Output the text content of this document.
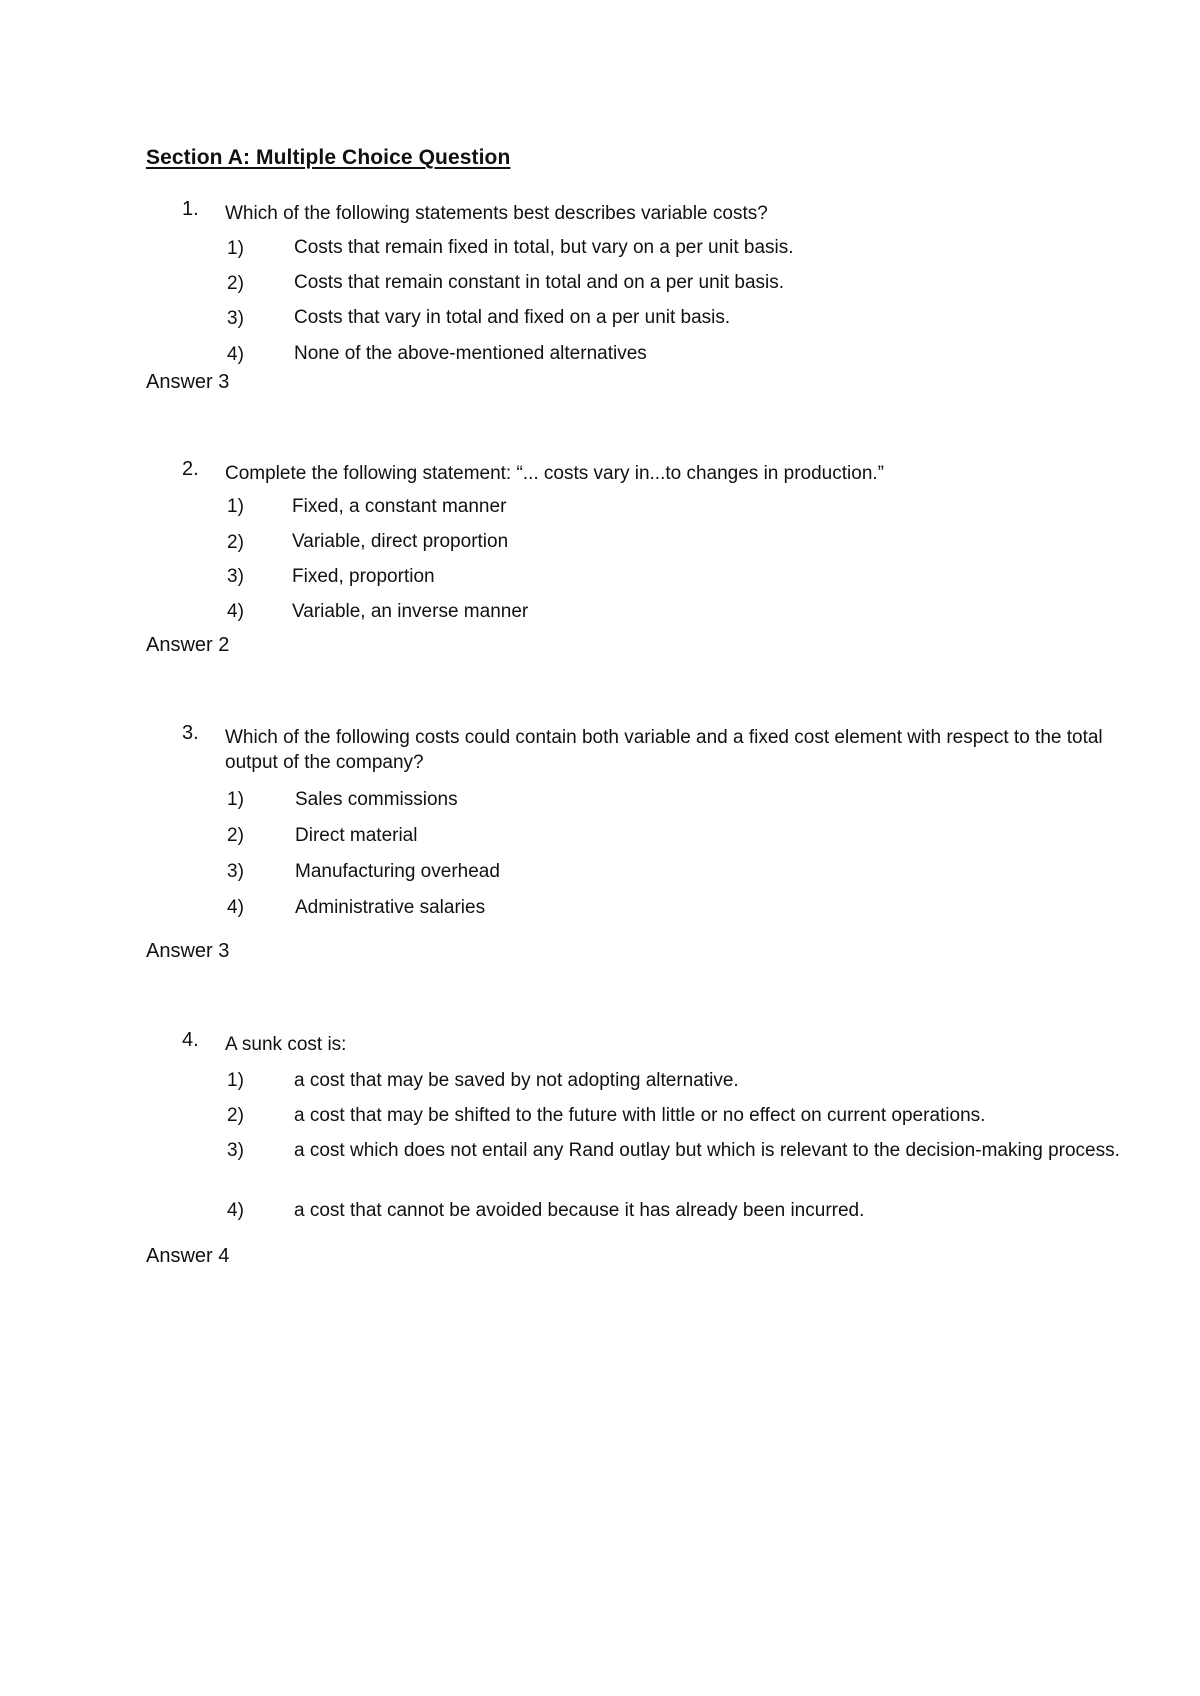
Section A: Multiple Choice Question
1. Which of the following statements best describes variable costs?
1)	Costs that remain fixed in total, but vary on a per unit basis.
2)	Costs that remain constant in total and on a per unit basis.
3)	Costs that vary in total and fixed on a per unit basis.
4)	None of the above-mentioned alternatives
Answer 3
2. Complete the following statement: “... costs vary in...to changes in production.”
1)	Fixed, a constant manner
2)	Variable, direct proportion
3)	Fixed, proportion
4)	Variable, an inverse manner
Answer 2
3. Which of the following costs could contain both variable and a fixed cost element with respect to the total output of the company?
1)	Sales commissions
2)	Direct material
3)	Manufacturing overhead
4)	Administrative salaries
Answer 3
4. A sunk cost is:
1)	a cost that may be saved by not adopting alternative.
2)	a cost that may be shifted to the future with little or no effect on current operations.
3)	a cost which does not entail any Rand outlay but which is relevant to the decision-making process.
4)	a cost that cannot be avoided because it has already been incurred.
Answer 4
